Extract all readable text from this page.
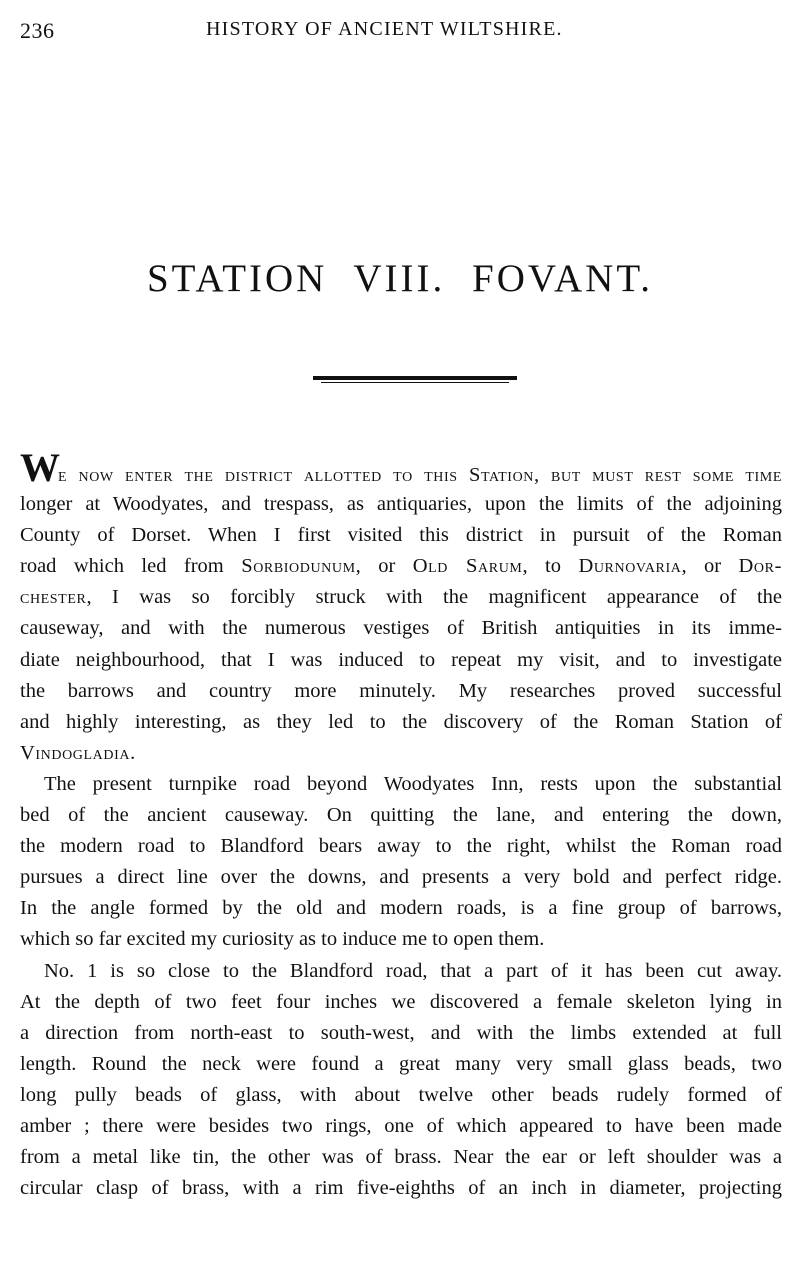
236	HISTORY OF ANCIENT WILTSHIRE.
STATION VIII. FOVANT.
We now enter the district allotted to this Station, but must rest some time
longer at Woodyates, and trespass, as antiquaries, upon the limits of the adjoining
County of Dorset. When I first visited this district in pursuit of the Roman
road which led from Sorbiodunum, or Old Sarum, to Durnovaria, or Dor-
chester, I was so forcibly struck with the magnificent appearance of the
causeway, and with the numerous vestiges of British antiquities in its imme-
diate neighbourhood, that I was induced to repeat my visit, and to investigate
the barrows and country more minutely. My researches proved successful
and highly interesting, as they led to the discovery of the Roman Station of
Vindogladia.
The present turnpike road beyond Woodyates Inn, rests upon the substantial
bed of the ancient causeway. On quitting the lane, and entering the down,
the modern road to Blandford bears away to the right, whilst the Roman road
pursues a direct line over the downs, and presents a very bold and perfect ridge.
In the angle formed by the old and modern roads, is a fine group of barrows,
which so far excited my curiosity as to induce me to open them.
No. 1 is so close to the Blandford road, that a part of it has been cut away.
At the depth of two feet four inches we discovered a female skeleton lying in
a direction from north-east to south-west, and with the limbs extended at full
length. Round the neck were found a great many very small glass beads, two
long pully beads of glass, with about twelve other beads rudely formed of
amber ; there were besides two rings, one of which appeared to have been made
from a metal like tin, the other was of brass. Near the ear or left shoulder was a
circular clasp of brass, with a rim five-eighths of an inch in diameter, projecting
